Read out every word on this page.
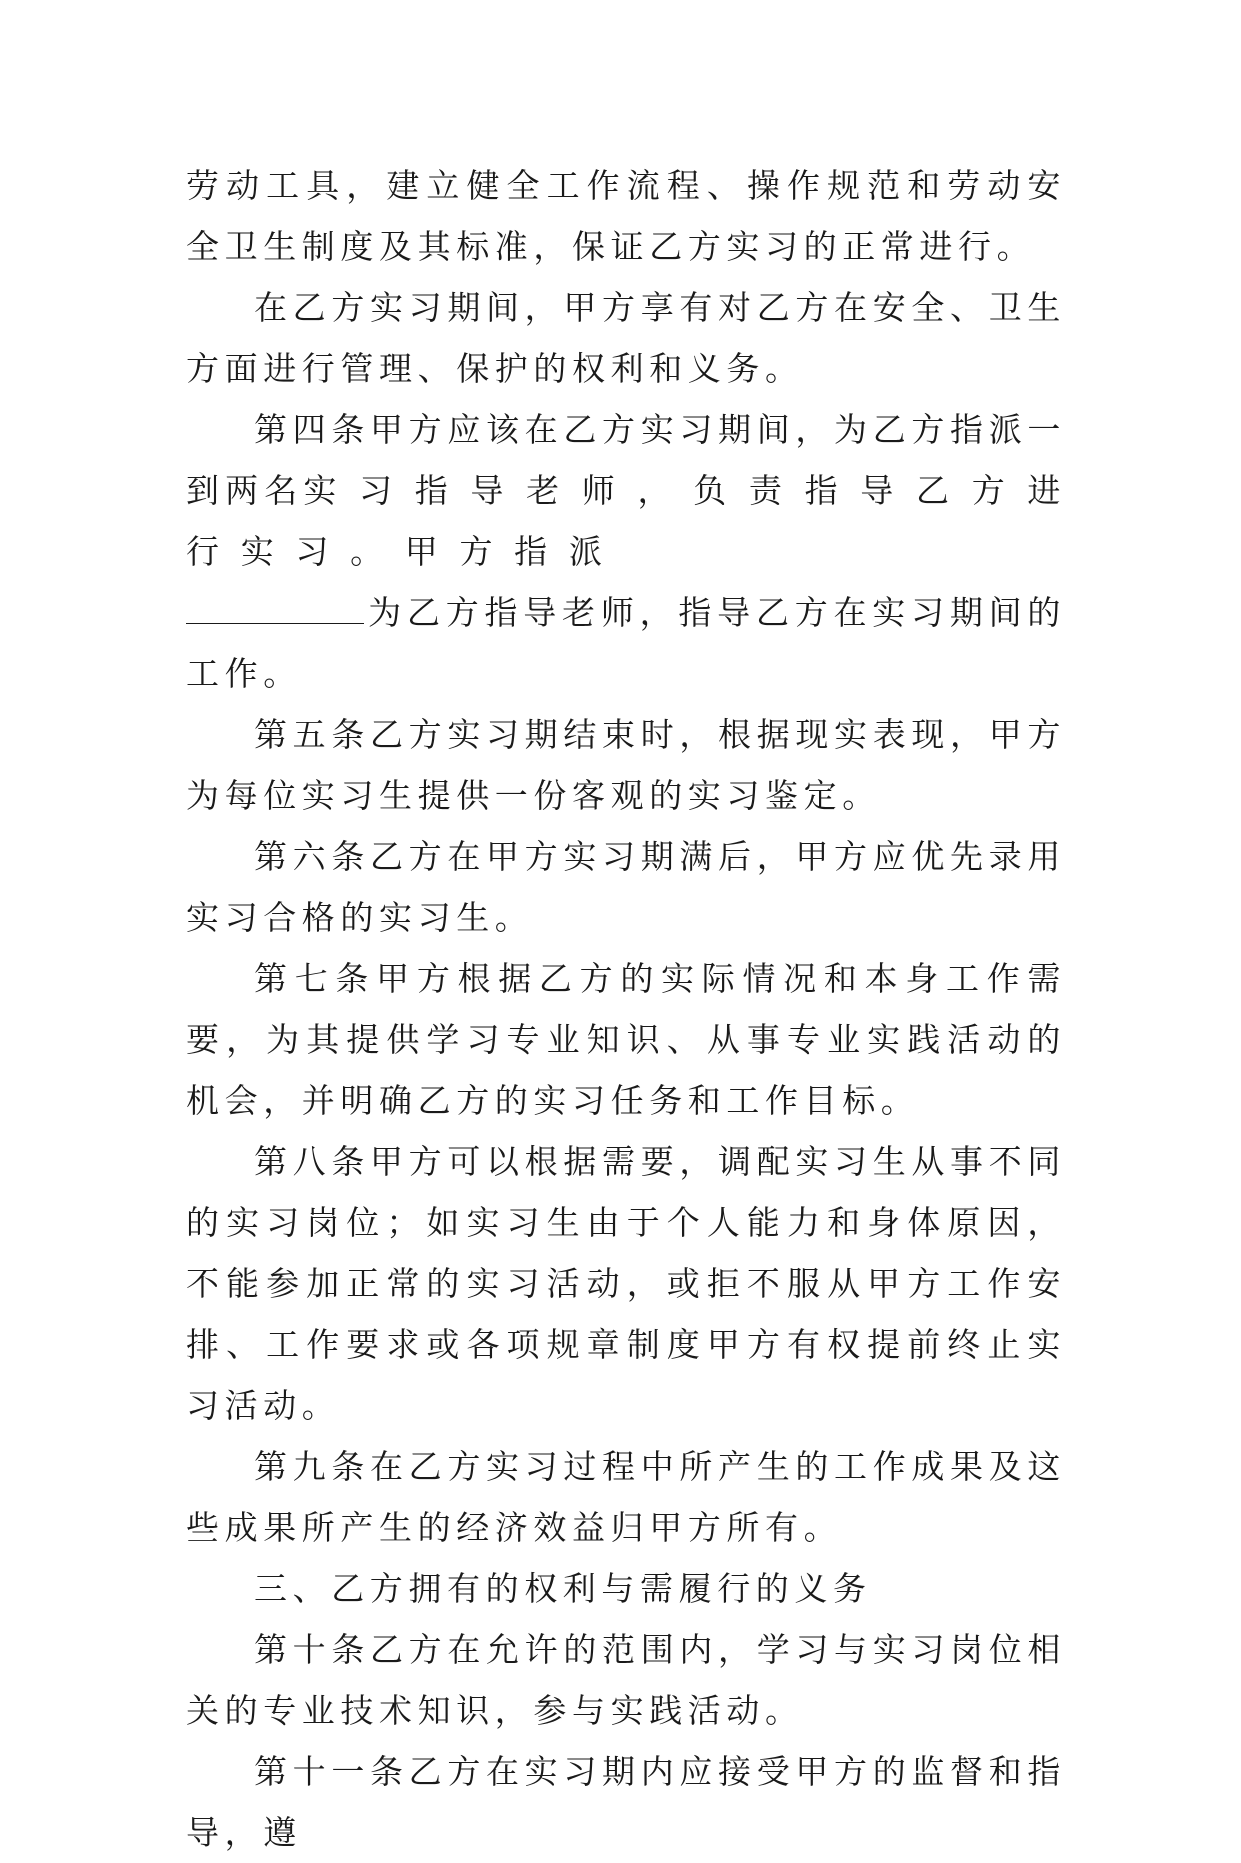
劳动工具，建立健全工作流程、操作规范和劳动安全卫生制度及其标准，保证乙方实习的正常进行。

在乙方实习期间，甲方享有对乙方在安全、卫生方面进行管理、保护的权利和义务。

第四条甲方应该在乙方实习期间，为乙方指派一到两名实 习 指 导 老 师 ， 负 责 指 导 乙 方 进 行 实 习 。 甲 方 指 派

为乙方指导老师，指导乙方在实习期间的工作。

第五条乙方实习期结束时，根据现实表现，甲方为每位实习生提供一份客观的实习鉴定。

第六条乙方在甲方实习期满后，甲方应优先录用实习合格的实习生。

第七条甲方根据乙方的实际情况和本身工作需要，为其提供学习专业知识、从事专业实践活动的机会，并明确乙方的实习任务和工作目标。

第八条甲方可以根据需要，调配实习生从事不同的实习岗位；如实习生由于个人能力和身体原因，不能参加正常的实习活动，或拒不服从甲方工作安排、工作要求或各项规章制度甲方有权提前终止实习活动。

第九条在乙方实习过程中所产生的工作成果及这些成果所产生的经济效益归甲方所有。

三、乙方拥有的权利与需履行的义务

第十条乙方在允许的范围内，学习与实习岗位相关的专业技术知识，参与实践活动。

第十一条乙方在实习期内应接受甲方的监督和指导，遵
